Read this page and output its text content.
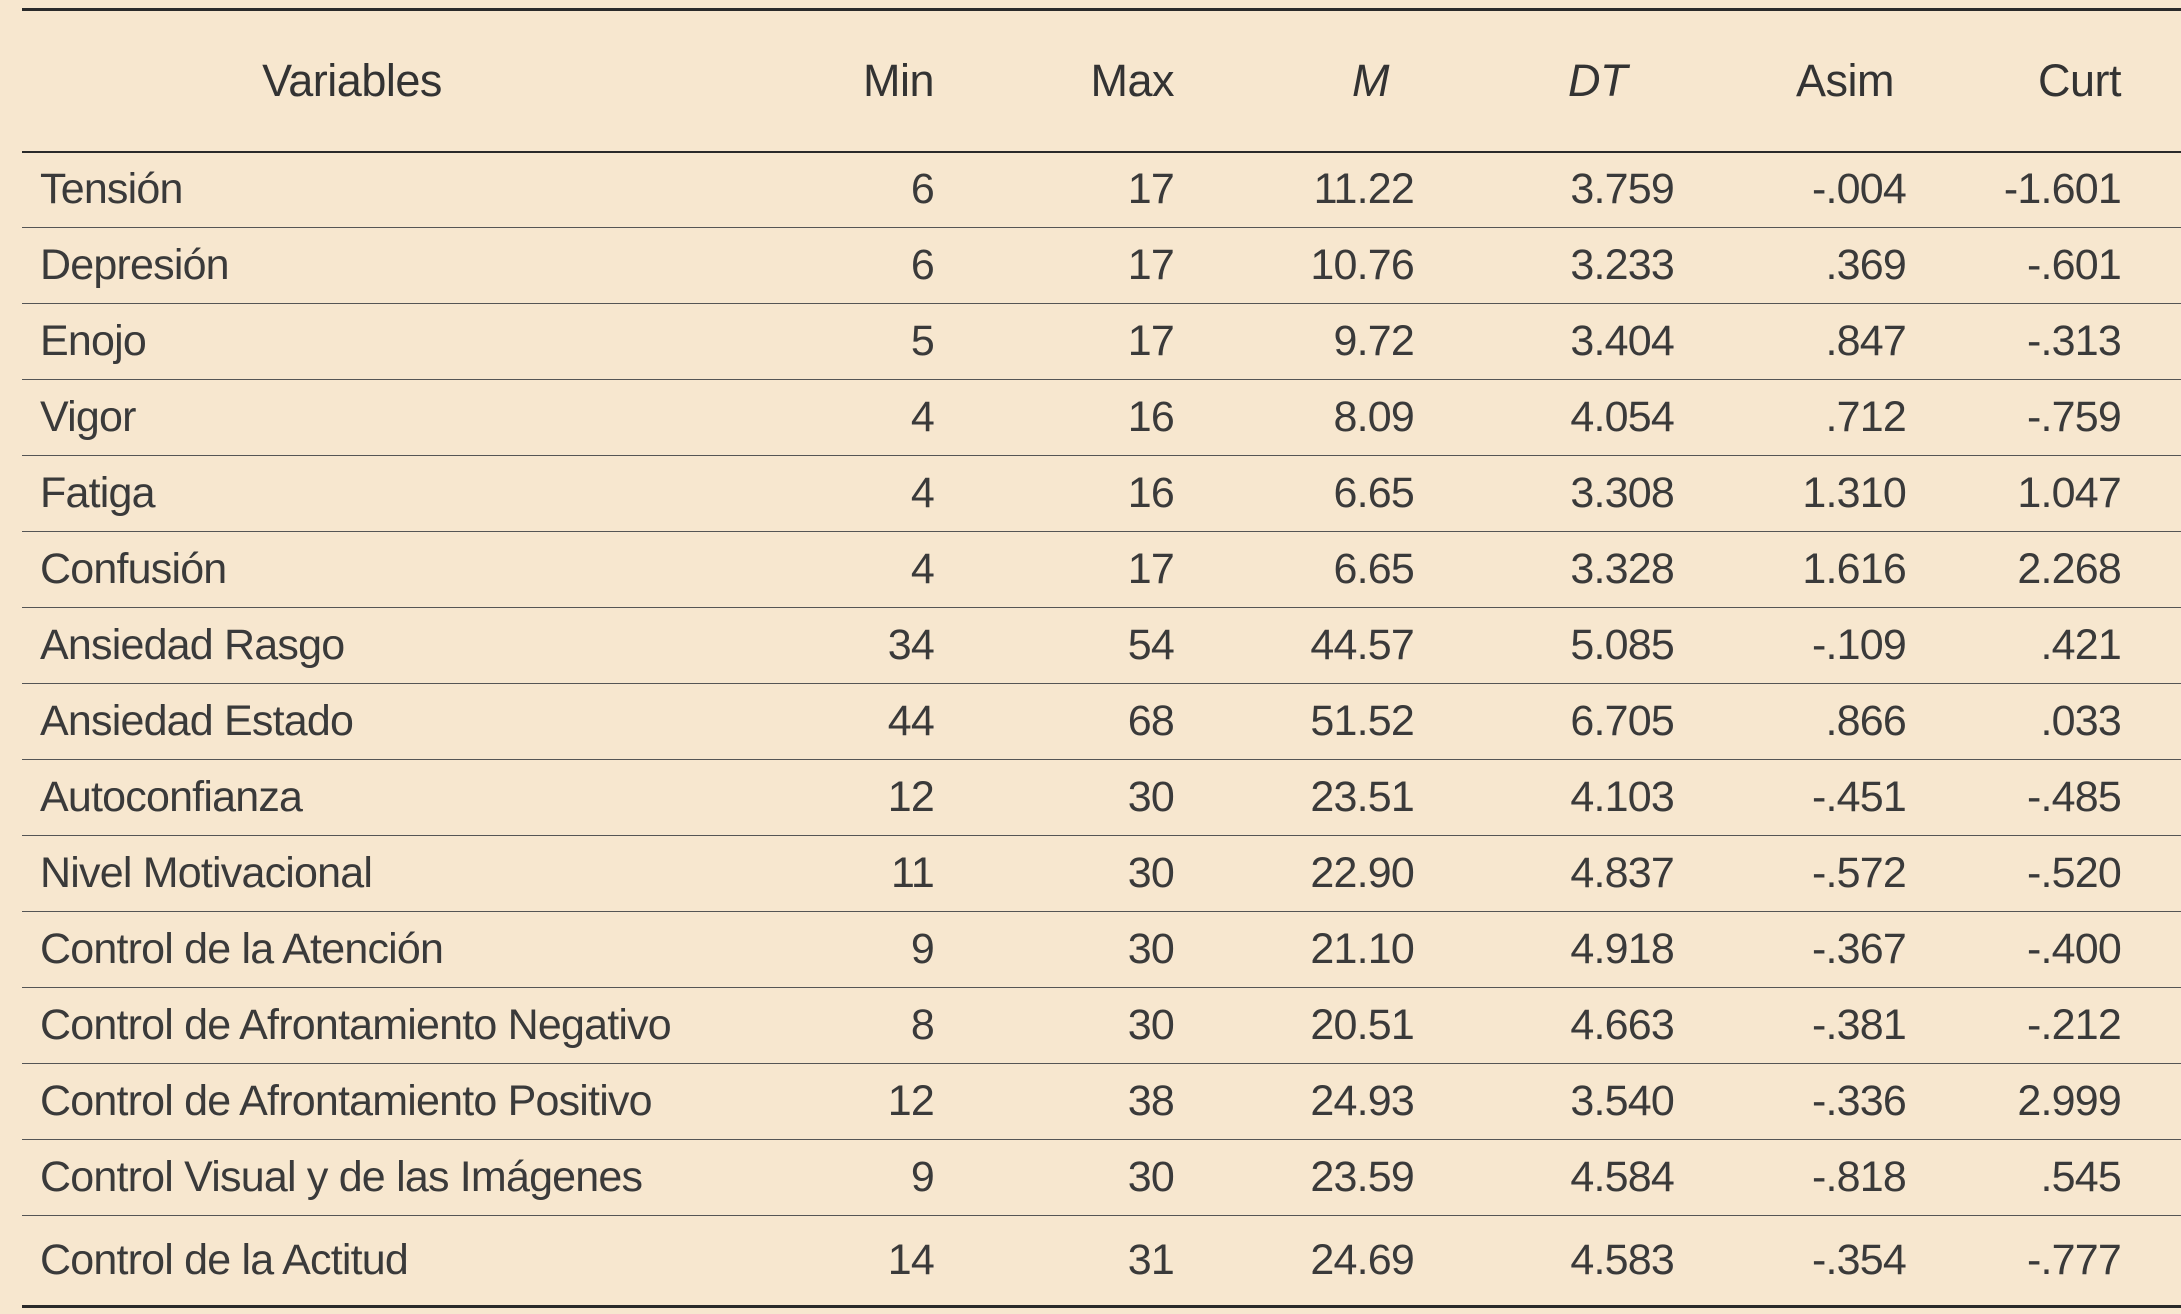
Variables	Min	Max	M	DT	Asim	Curt
Tensión	6	17	11.22	3.759	-.004	-1.601
Depresión	6	17	10.76	3.233	.369	-.601
Enojo	5	17	9.72	3.404	.847	-.313
Vigor	4	16	8.09	4.054	.712	-.759
Fatiga	4	16	6.65	3.308	1.310	1.047
Confusión	4	17	6.65	3.328	1.616	2.268
Ansiedad Rasgo	34	54	44.57	5.085	-.109	.421
Ansiedad Estado	44	68	51.52	6.705	.866	.033
Autoconfianza	12	30	23.51	4.103	-.451	-.485
Nivel Motivacional	11	30	22.90	4.837	-.572	-.520
Control de la Atención	9	30	21.10	4.918	-.367	-.400
Control de Afrontamiento Negativo	8	30	20.51	4.663	-.381	-.212
Control de Afrontamiento Positivo	12	38	24.93	3.540	-.336	2.999
Control Visual y de las Imágenes	9	30	23.59	4.584	-.818	.545
Control de la Actitud	14	31	24.69	4.583	-.354	-.777
